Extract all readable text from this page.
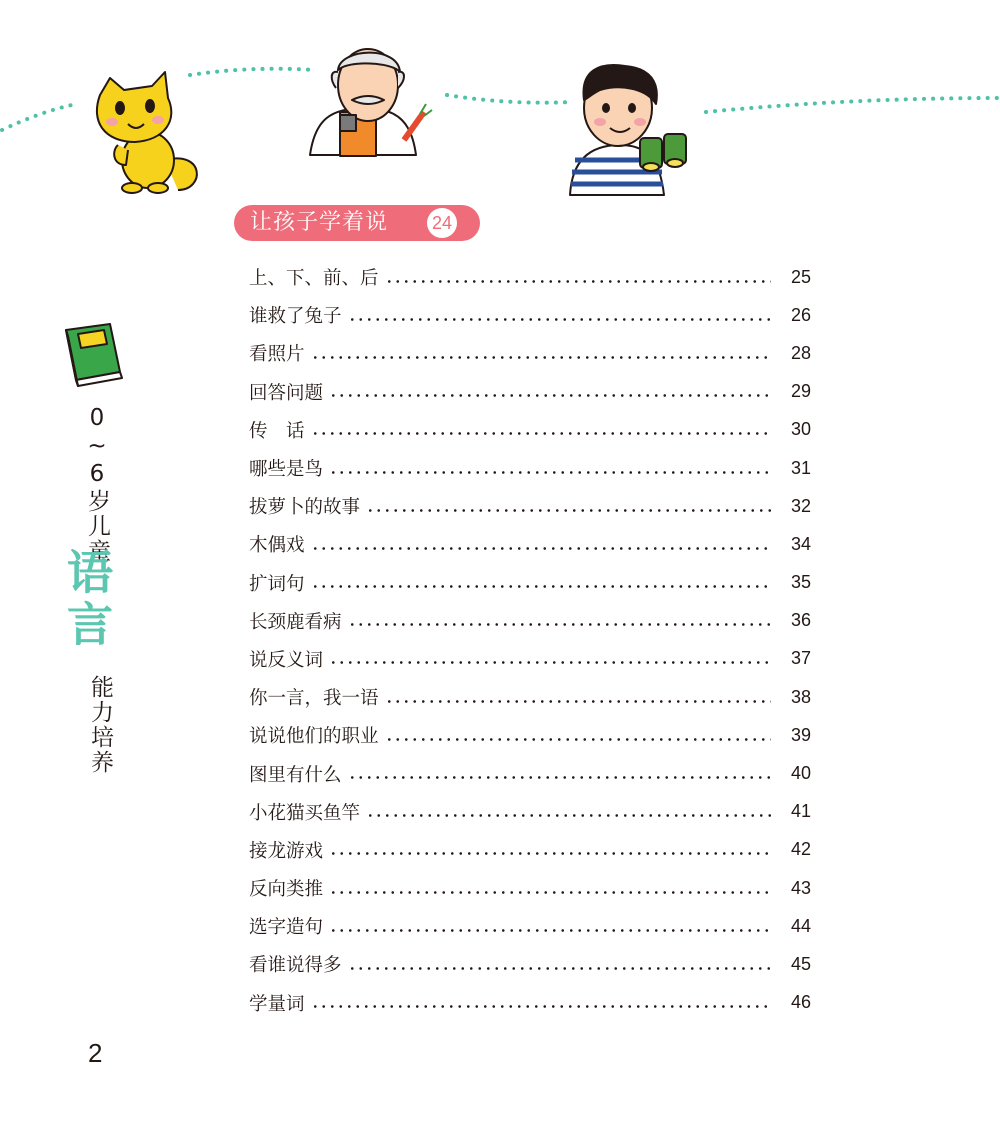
让孩子学着说 24
上、下、前、后	25
谁救了兔子	26
看照片	28
回答问题	29
传　话	30
哪些是鸟	31
拔萝卜的故事	32
木偶戏	34
扩词句	35
长颈鹿看病	36
说反义词	37
你一言，我一语	38
说说他们的职业	39
图里有什么	40
小花猫买鱼竿	41
接龙游戏	42
反向类推	43
选字造句	44
看谁说得多	45
学量词	46
0~6岁儿童
语言
能力培养
2
